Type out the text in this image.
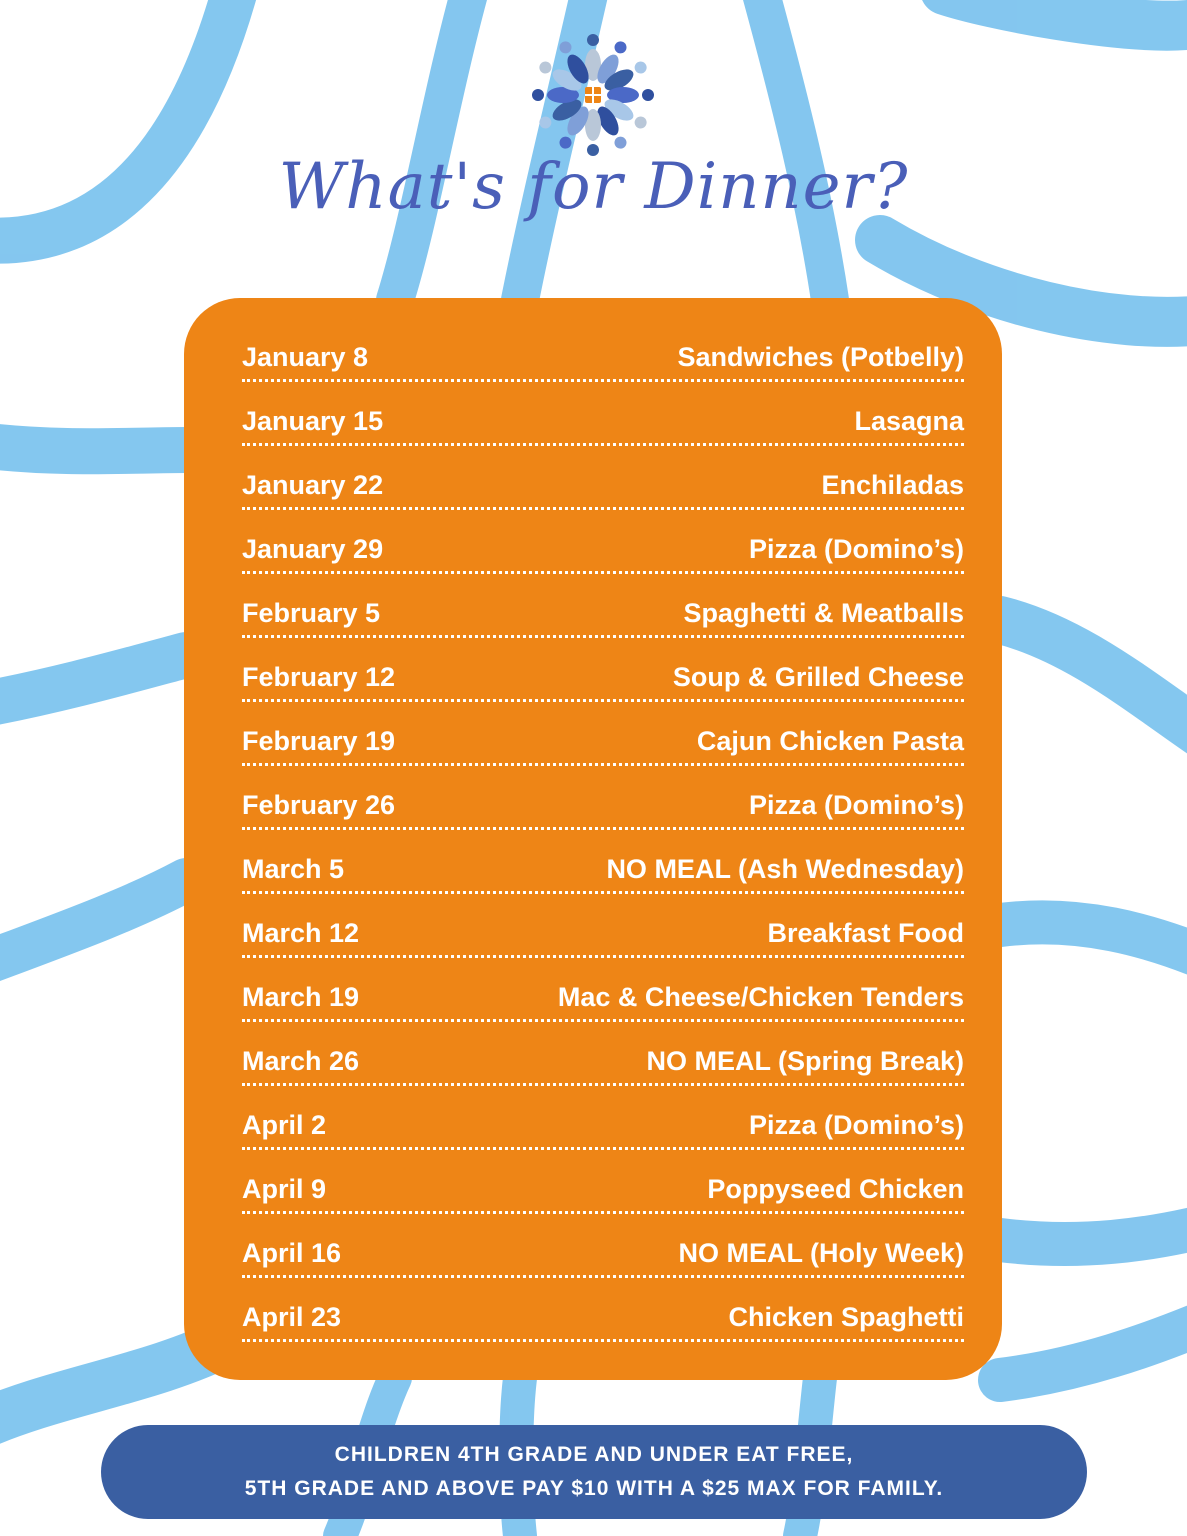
What's for Dinner?
January 8	Sandwiches (Potbelly)
January 15	Lasagna
January 22	Enchiladas
January 29	Pizza (Domino’s)
February 5	Spaghetti & Meatballs
February 12	Soup & Grilled Cheese
February 19	Cajun Chicken Pasta
February 26	Pizza (Domino’s)
March 5	NO MEAL (Ash Wednesday)
March 12	Breakfast Food
March 19	Mac & Cheese/Chicken Tenders
March 26	NO MEAL (Spring Break)
April 2	Pizza (Domino’s)
April 9	Poppyseed Chicken
April 16	NO MEAL (Holy Week)
April 23	Chicken Spaghetti
CHILDREN 4TH GRADE AND UNDER EAT FREE,
5TH GRADE AND ABOVE PAY $10 WITH A $25 MAX FOR FAMILY.
